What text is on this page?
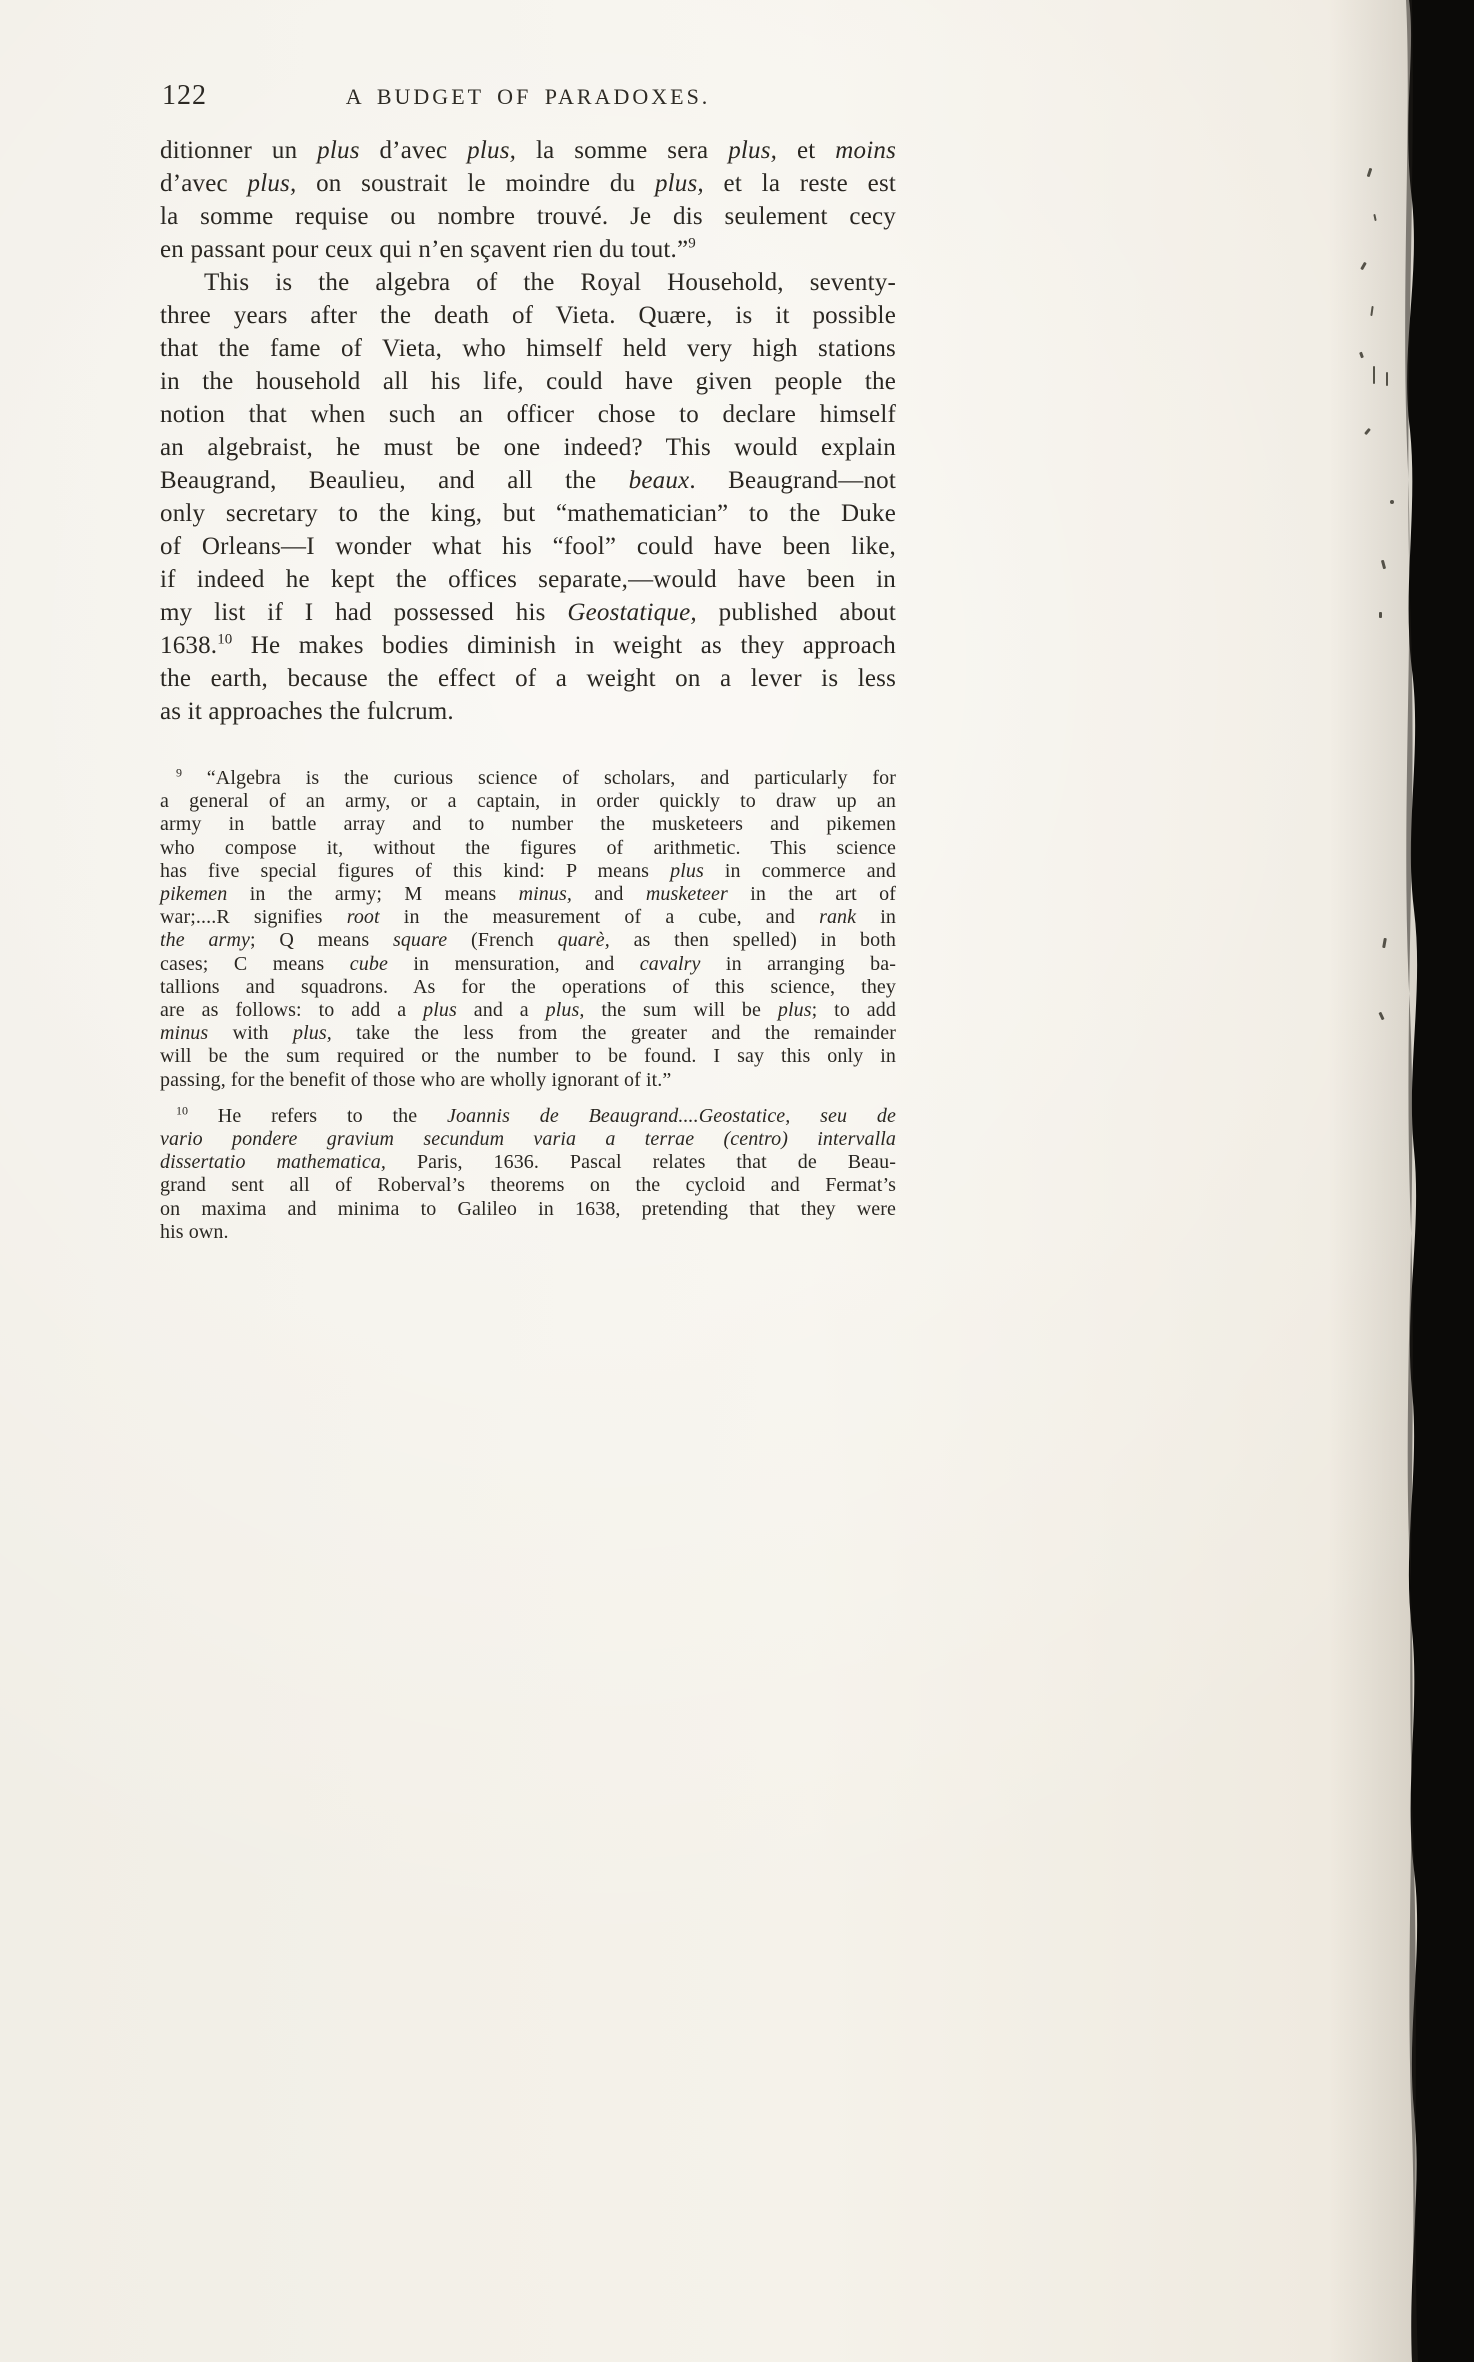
122	A BUDGET OF PARADOXES.
ditionner un plus d’avec plus, la somme sera plus, et moins
d’avec plus, on soustrait le moindre du plus, et la reste est
la somme requise ou nombre trouvé. Je dis seulement cecy
en passant pour ceux qui n’en sçavent rien du tout.”$^9$
This is the algebra of the Royal Household, seventy-
three years after the death of Vieta. Quære, is it possible
that the fame of Vieta, who himself held very high stations
in the household all his life, could have given people the
notion that when such an officer chose to declare himself
an algebraist, he must be one indeed? This would explain
Beaugrand, Beaulieu, and all the beaux. Beaugrand—not
only secretary to the king, but “mathematician” to the Duke
of Orleans—I wonder what his “fool” could have been like,
if indeed he kept the offices separate,—would have been in
my list if I had possessed his Geostatique, published about
1638.10 He makes bodies diminish in weight as they approach
the earth, because the effect of a weight on a lever is less
as it approaches the fulcrum.
$^9$ “Algebra is the curious science of scholars, and particularly for
a general of an army, or a captain, in order quickly to draw up an
army in battle array and to number the musketeers and pikemen
who compose it, without the figures of arithmetic. This science
has five special figures of this kind: P means plus in commerce and
pikemen in the army; M means minus, and musketeer in the art of
war;....R signifies root in the measurement of a cube, and rank in
the army; Q means square (French quarè, as then spelled) in both
cases; C means cube in mensuration, and cavalry in arranging ba-
tallions and squadrons. As for the operations of this science, they
are as follows: to add a plus and a plus, the sum will be plus; to add
minus with plus, take the less from the greater and the remainder
will be the sum required or the number to be found. I say this only in
passing, for the benefit of those who are wholly ignorant of it.”
$^{10}$ He refers to the Joannis de Beaugrand....Geostatice, seu de
vario pondere gravium secundum varia a terrae (centro) intervalla
dissertatio mathematica, Paris, 1636. Pascal relates that de Beau-
grand sent all of Roberval’s theorems on the cycloid and Fermat’s
on maxima and minima to Galileo in 1638, pretending that they were
his own.
